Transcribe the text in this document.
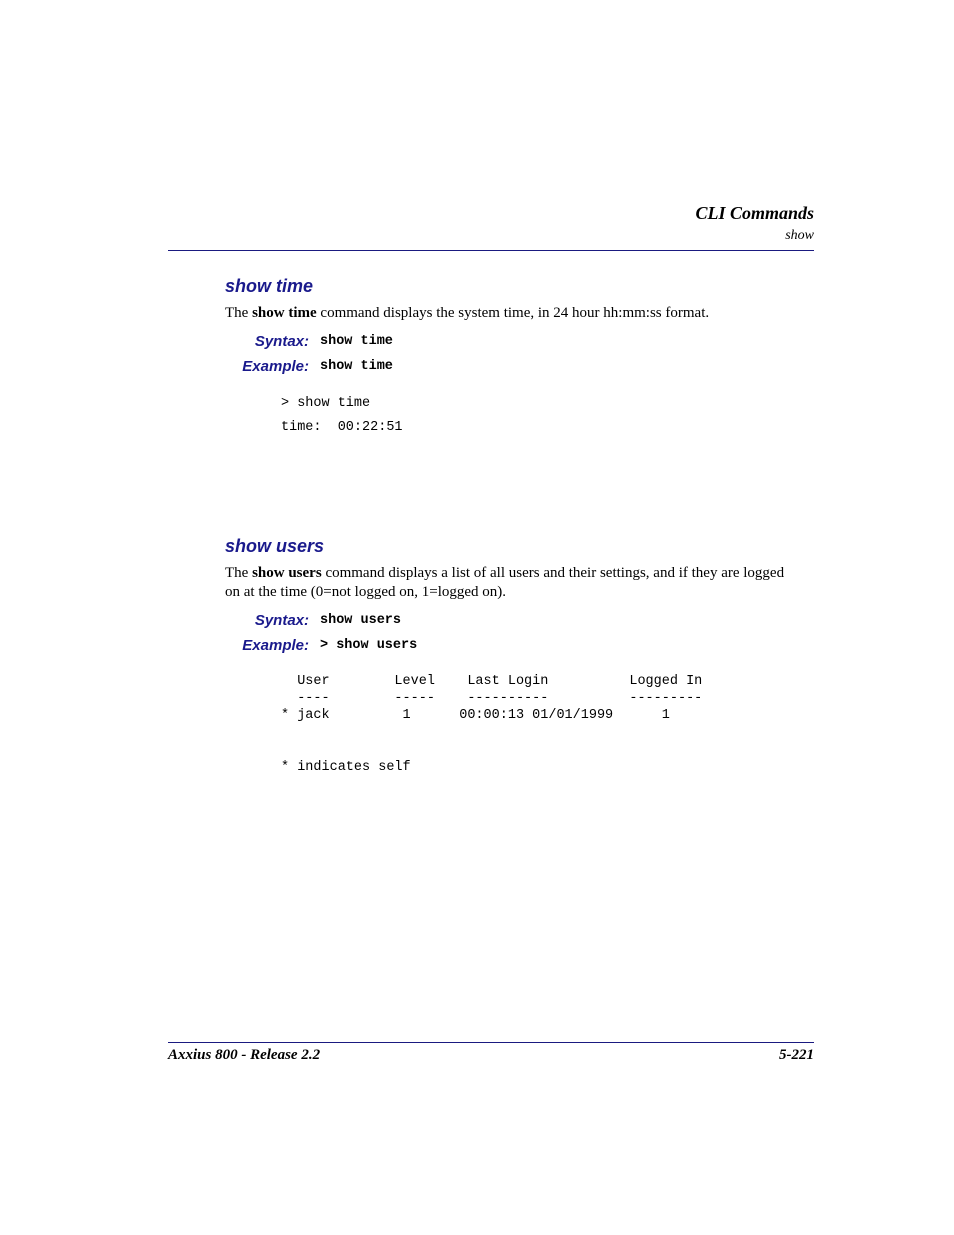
CLI Commands
show
show time
The show time command displays the system time, in 24 hour hh:mm:ss format.
Syntax: show time
Example: show time
> show time
time:  00:22:51
show users
The show users command displays a list of all users and their settings, and if they are logged
on at the time (0=not logged on, 1=logged on).
Syntax: show users
Example: > show users
User        Level    Last Login          Logged In
----        -----    ----------          ---------
* jack         1      00:00:13 01/01/1999      1
* indicates self
Axxius 800 - Release 2.2	5-221
